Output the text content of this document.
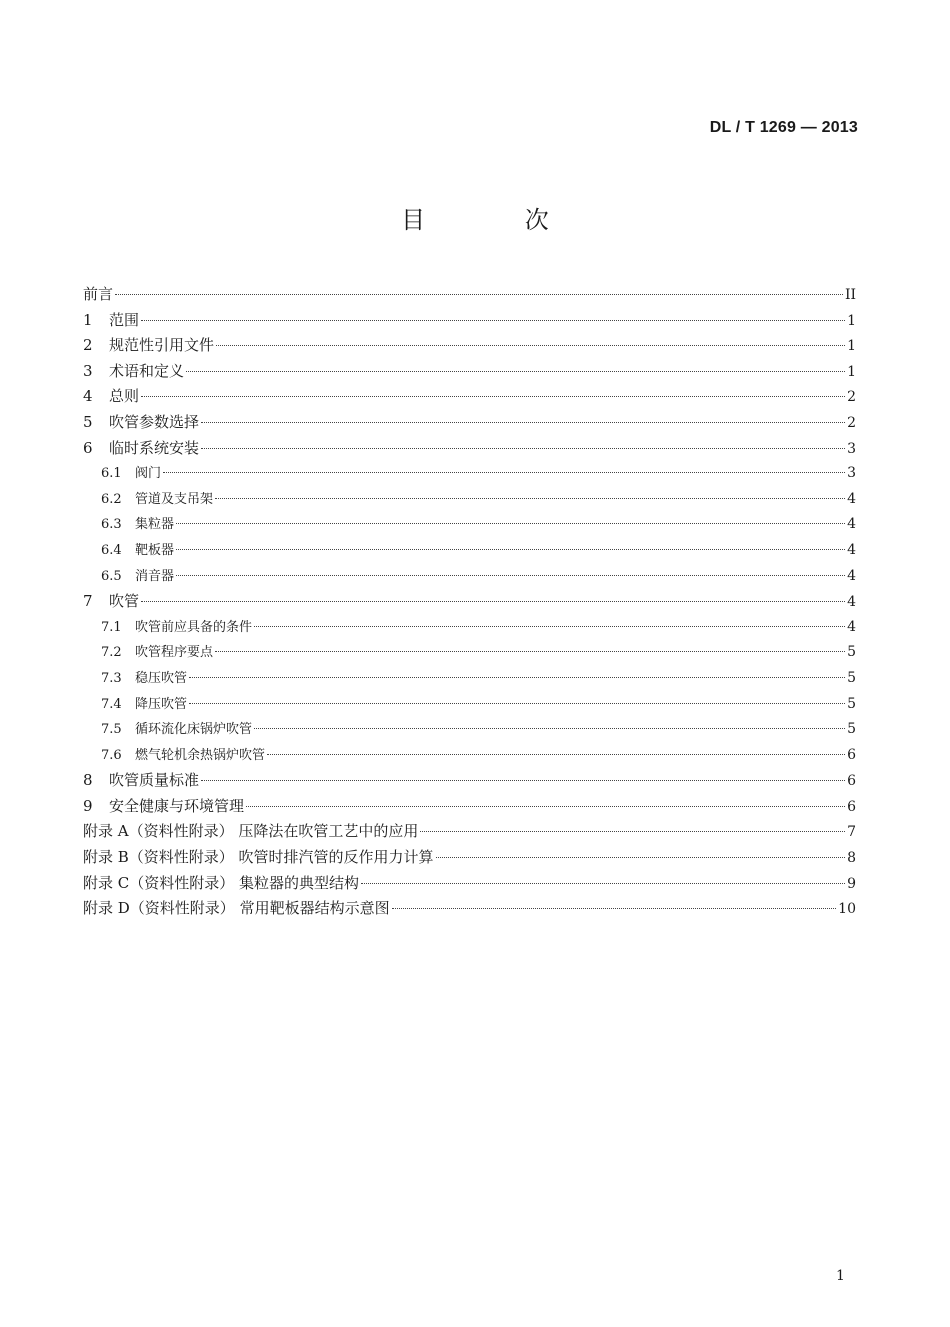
DL / T 1269 — 2013
目 次
前言	II
1	范围	1
2	规范性引用文件	1
3	术语和定义	1
4	总则	2
5	吹管参数选择	2
6	临时系统安装	3
6.1	阀门	3
6.2	管道及支吊架	4
6.3	集粒器	4
6.4	靶板器	4
6.5	消音器	4
7	吹管	4
7.1	吹管前应具备的条件	4
7.2	吹管程序要点	5
7.3	稳压吹管	5
7.4	降压吹管	5
7.5	循环流化床锅炉吹管	5
7.6	燃气轮机余热锅炉吹管	6
8	吹管质量标准	6
9	安全健康与环境管理	6
附录 A（资料性附录） 压降法在吹管工艺中的应用	7
附录 B（资料性附录） 吹管时排汽管的反作用力计算	8
附录 C（资料性附录） 集粒器的典型结构	9
附录 D（资料性附录） 常用靶板器结构示意图	10
1
